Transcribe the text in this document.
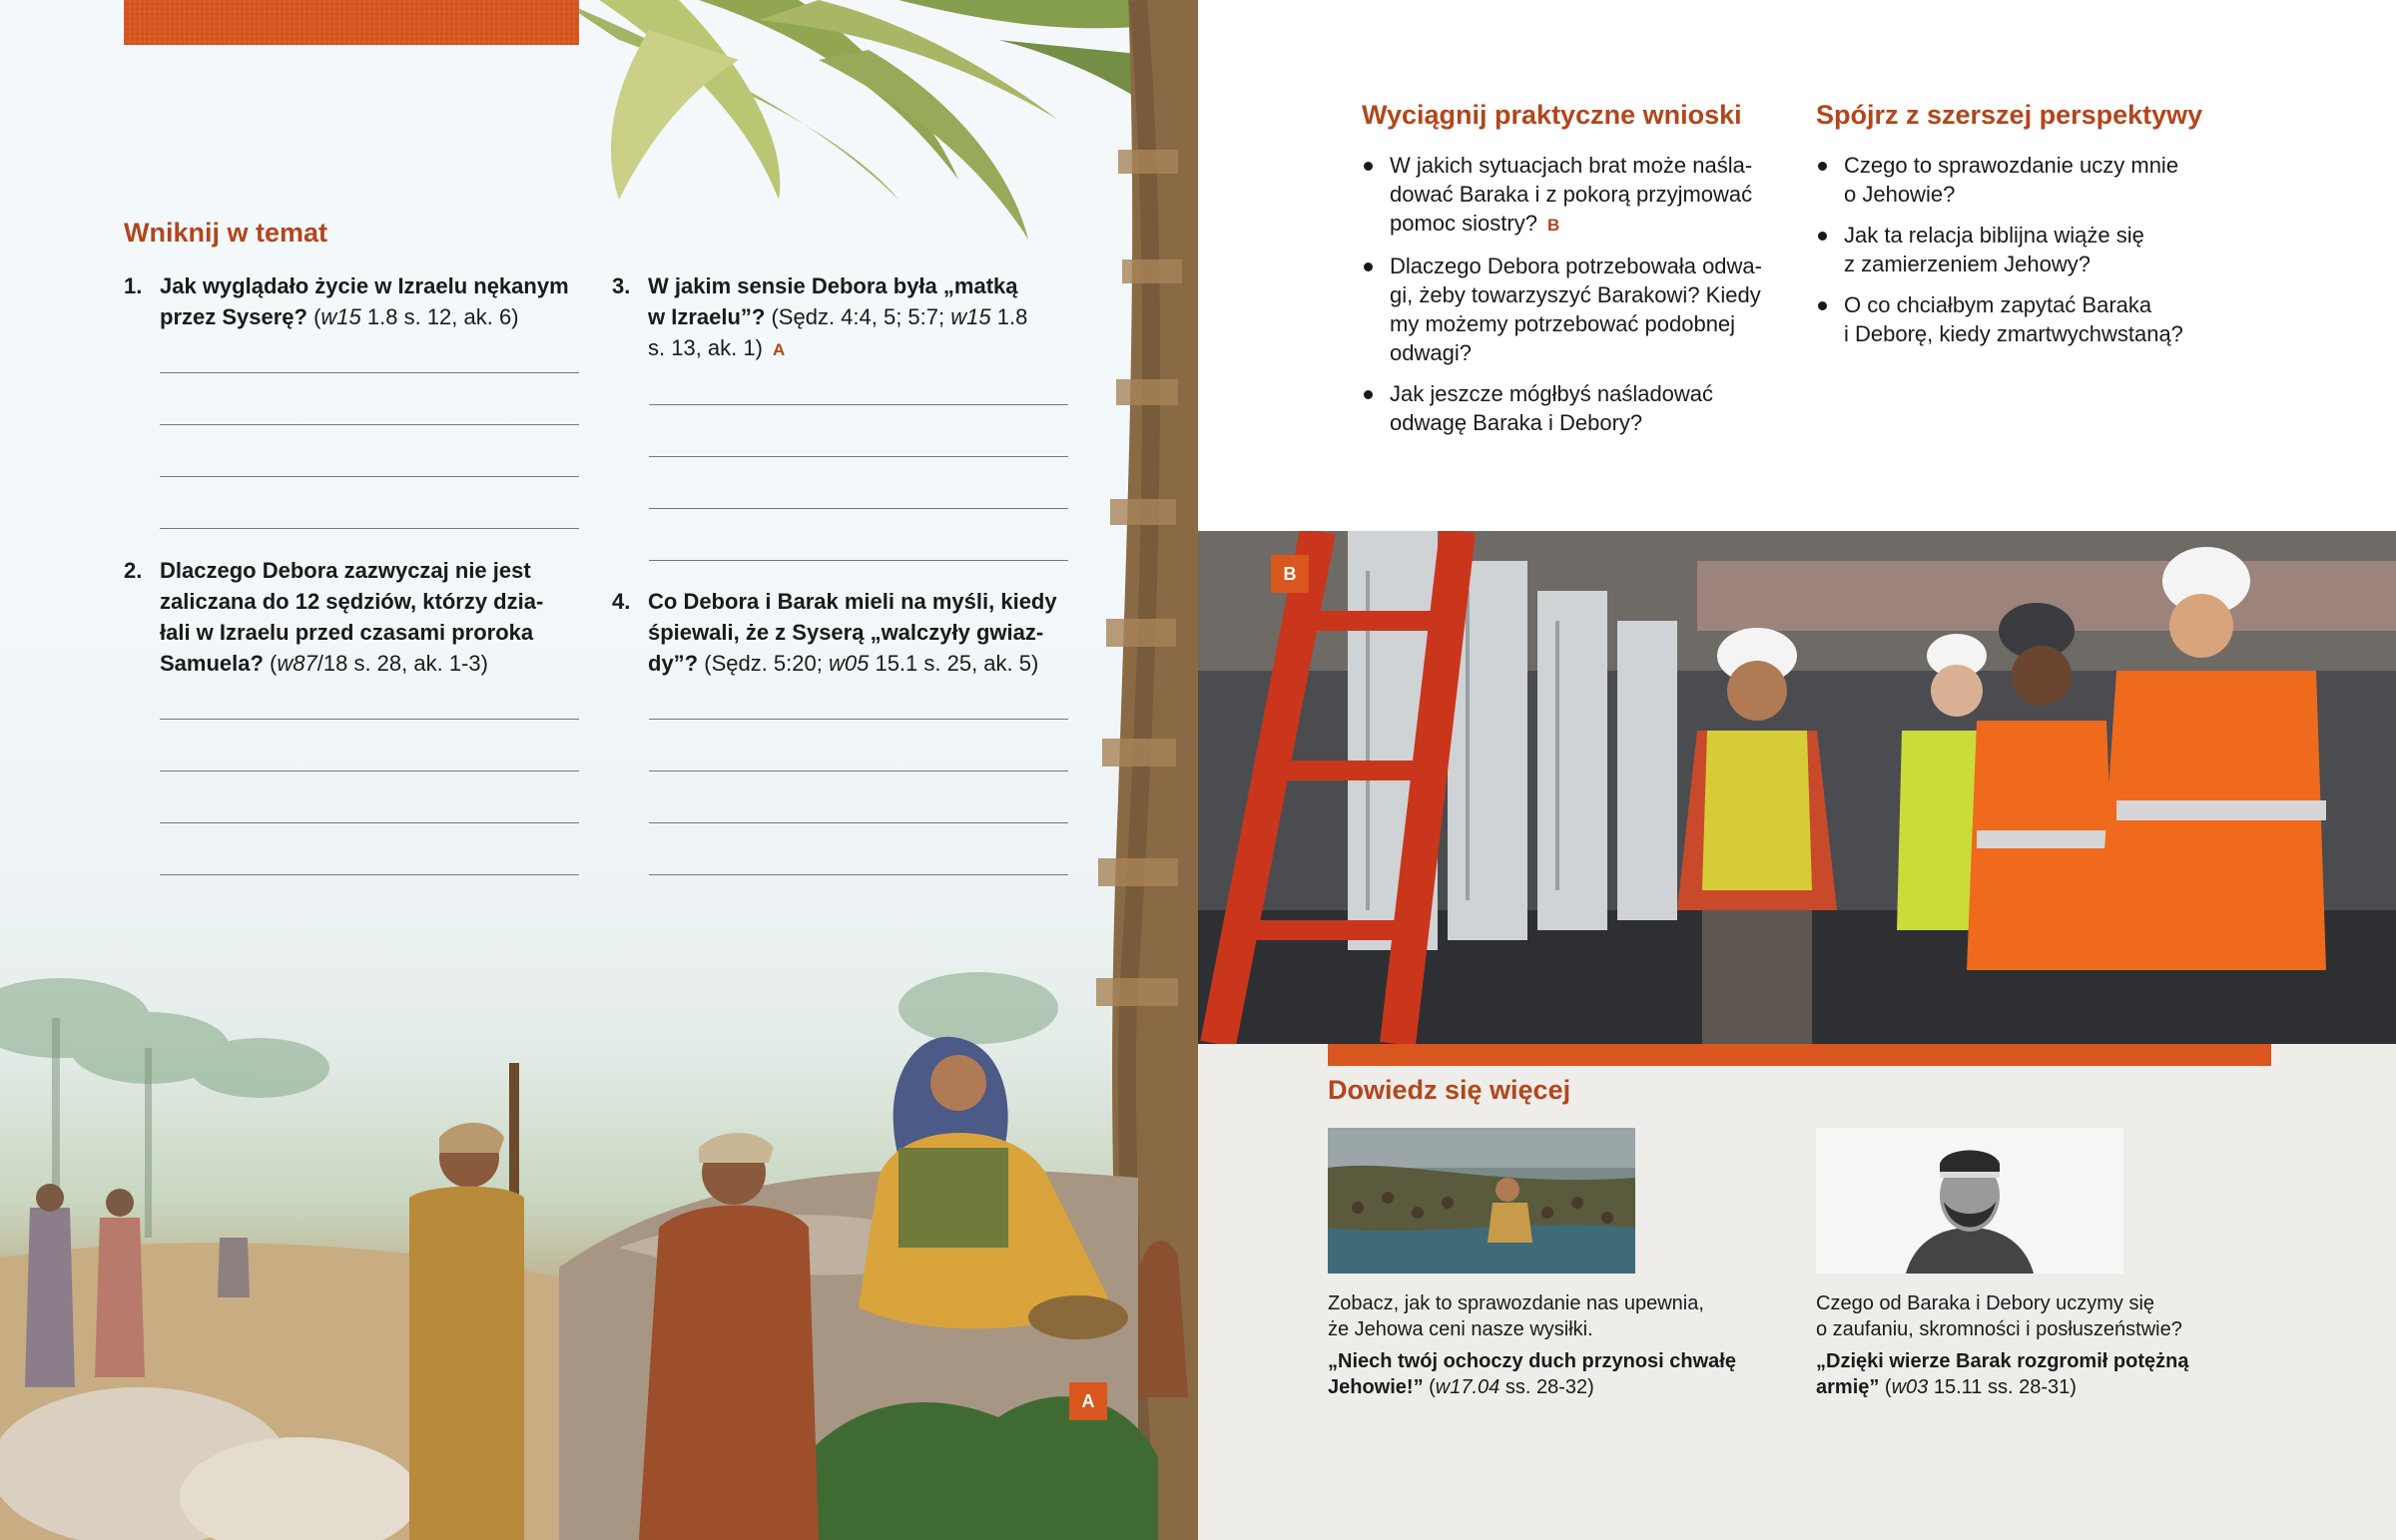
Wniknij w temat
1. Jak wyglądało życie w Izraelu nękanym
przez Syserę? (w15 1.8 s. 12, ak. 6)
2. Dlaczego Debora zazwyczaj nie jest
zaliczana do 12 sędziów, którzy dzia-
łali w Izraelu przed czasami proroka
Samuela? (w87/18 s. 28, ak. 1-3)
3. W jakim sensie Debora była „matką
w Izraelu”? (Sędz. 4:4, 5; 5:7; w15 1.8
s. 13, ak. 1) A
4. Co Debora i Barak mieli na myśli, kiedy
śpiewali, że z Syserą „walczyły gwiaz-
dy”? (Sędz. 5:20; w05 15.1 s. 25, ak. 5)
A
Wyciągnij praktyczne wnioski
W jakich sytuacjach brat może naśla-
dować Baraka i z pokorą przyjmować
pomoc siostry? B
Dlaczego Debora potrzebowała odwa-
gi, żeby towarzyszyć Barakowi? Kiedy
my możemy potrzebować podobnej
odwagi?
Jak jeszcze mógłbyś naśladować
odwagę Baraka i Debory?
Spójrz z szerszej perspektywy
Czego to sprawozdanie uczy mnie
o Jehowie?
Jak ta relacja biblijna wiąże się
z zamierzeniem Jehowy?
O co chciałbym zapytać Baraka
i Deborę, kiedy zmartwychwstaną?
B
Dowiedz się więcej
Zobacz, jak to sprawozdanie nas upewnia,
że Jehowa ceni nasze wysiłki.
„Niech twój ochoczy duch przynosi chwałę
Jehowie!” (w17.04 ss. 28-32)
Czego od Baraka i Debory uczymy się
o zaufaniu, skromności i posłuszeństwie?
„Dzięki wierze Barak rozgromił potężną
armię” (w03 15.11 ss. 28-31)
